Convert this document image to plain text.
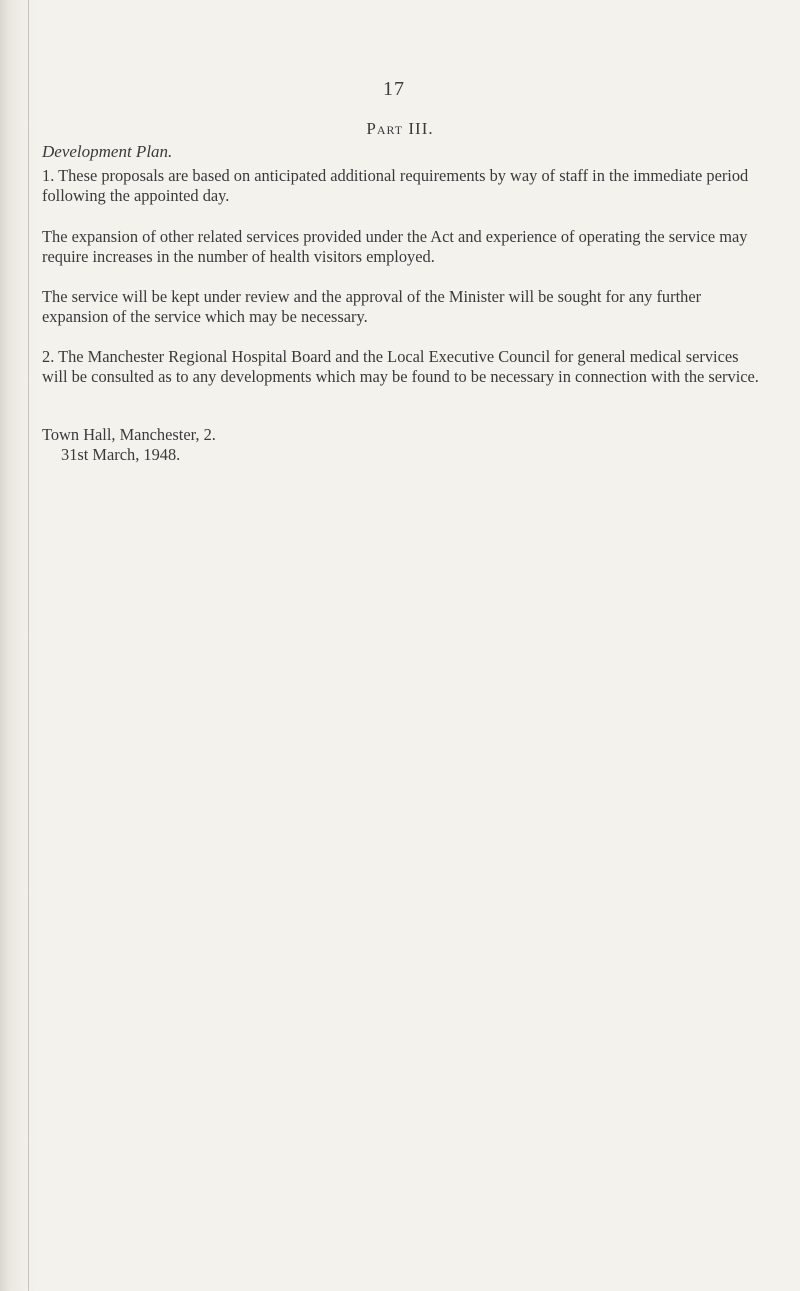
17
Part III.
Development Plan.

1. These proposals are based on anticipated additional requirements by way of staff in the immediate period following the appointed day.

The expansion of other related services provided under the Act and experience of operating the service may require increases in the number of health visitors employed.

The service will be kept under review and the approval of the Minister will be sought for any further expansion of the service which may be necessary.

2. The Manchester Regional Hospital Board and the Local Executive Council for general medical services will be consulted as to any developments which may be found to be necessary in connection with the service.

Town Hall, Manchester, 2.
31st March, 1948.
